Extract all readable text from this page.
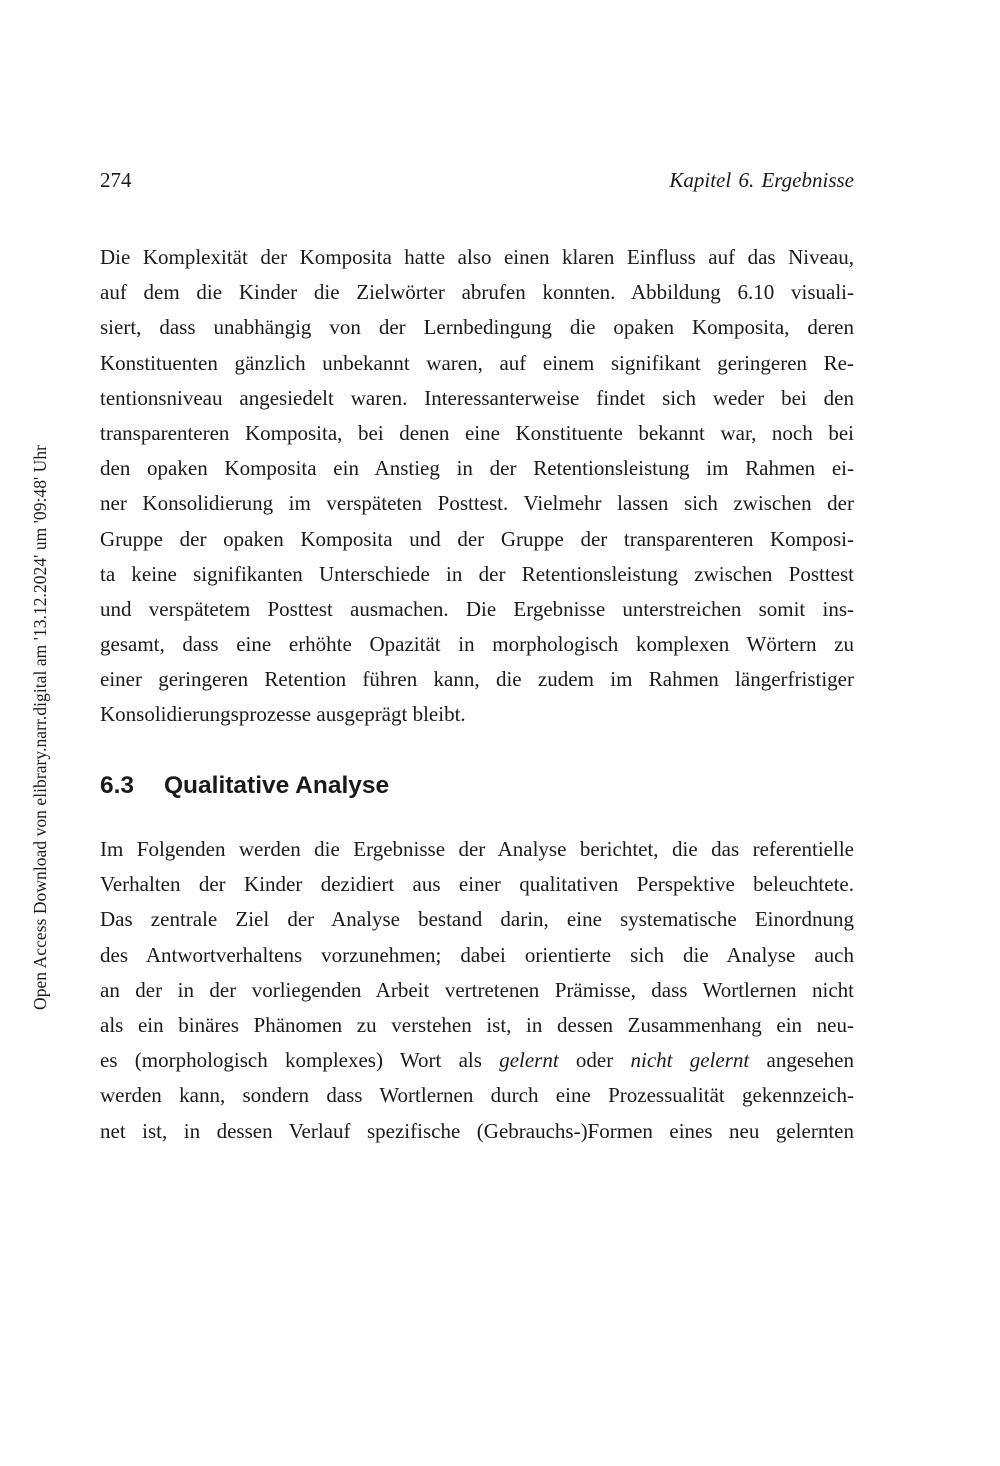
Open Access Download von elibrary.narr.digital am '13.12.2024' um '09:48' Uhr
274	Kapitel 6. Ergebnisse
Die Komplexität der Komposita hatte also einen klaren Einfluss auf das Niveau,
auf dem die Kinder die Zielwörter abrufen konnten. Abbildung 6.10 visuali-
siert, dass unabhängig von der Lernbedingung die opaken Komposita, deren
Konstituenten gänzlich unbekannt waren, auf einem signifikant geringeren Re-
tentionsniveau angesiedelt waren. Interessanterweise findet sich weder bei den
transparenteren Komposita, bei denen eine Konstituente bekannt war, noch bei
den opaken Komposita ein Anstieg in der Retentionsleistung im Rahmen ei-
ner Konsolidierung im verspäteten Posttest. Vielmehr lassen sich zwischen der
Gruppe der opaken Komposita und der Gruppe der transparenteren Komposi-
ta keine signifikanten Unterschiede in der Retentionsleistung zwischen Posttest
und verspätetem Posttest ausmachen. Die Ergebnisse unterstreichen somit ins-
gesamt, dass eine erhöhte Opazität in morphologisch komplexen Wörtern zu
einer geringeren Retention führen kann, die zudem im Rahmen längerfristiger
Konsolidierungsprozesse ausgeprägt bleibt.
6.3 Qualitative Analyse
Im Folgenden werden die Ergebnisse der Analyse berichtet, die das referentielle
Verhalten der Kinder dezidiert aus einer qualitativen Perspektive beleuchtete.
Das zentrale Ziel der Analyse bestand darin, eine systematische Einordnung
des Antwortverhaltens vorzunehmen; dabei orientierte sich die Analyse auch
an der in der vorliegenden Arbeit vertretenen Prämisse, dass Wortlernen nicht
als ein binäres Phänomen zu verstehen ist, in dessen Zusammenhang ein neu-
es (morphologisch komplexes) Wort als gelernt oder nicht gelernt angesehen
werden kann, sondern dass Wortlernen durch eine Prozessualität gekennzeich-
net ist, in dessen Verlauf spezifische (Gebrauchs-)Formen eines neu gelernten
